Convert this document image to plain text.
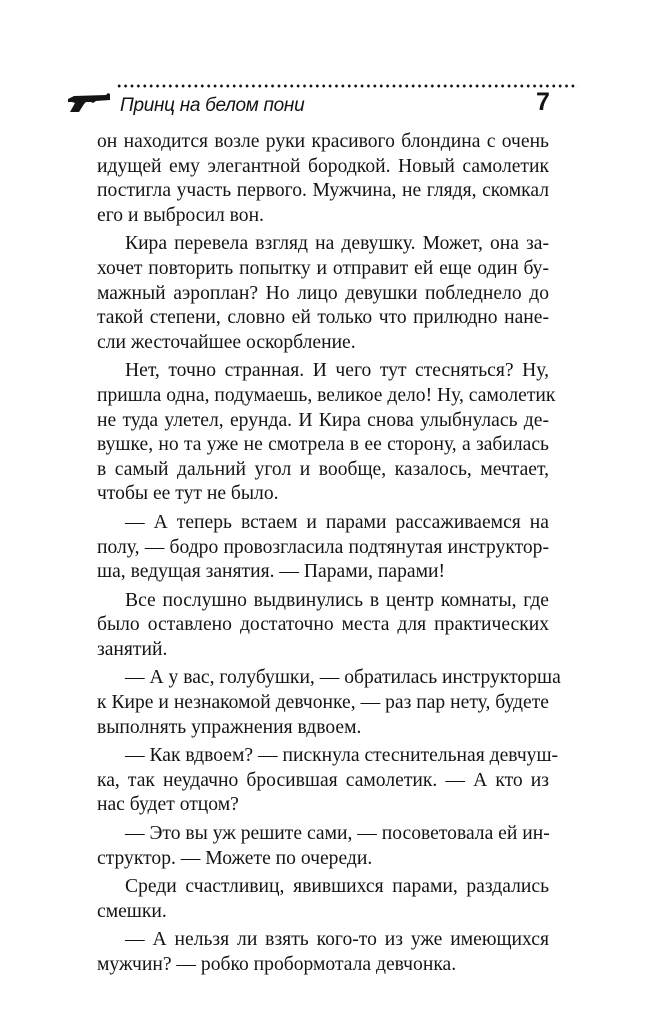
Принц на белом пони	7
он находится возле руки красивого блондина с очень
идущей ему элегантной бородкой. Новый самолетик
постигла участь первого. Мужчина, не глядя, скомкал
его и выбросил вон.
Кира перевела взгляд на девушку. Может, она за-
хочет повторить попытку и отправит ей еще один бу-
мажный аэроплан? Но лицо девушки побледнело до
такой степени, словно ей только что прилюдно нане-
сли жесточайшее оскорбление.
Нет, точно странная. И чего тут стесняться? Ну,
пришла одна, подумаешь, великое дело! Ну, самолетик
не туда улетел, ерунда. И Кира снова улыбнулась де-
вушке, но та уже не смотрела в ее сторону, а забилась
в самый дальний угол и вообще, казалось, мечтает,
чтобы ее тут не было.
— А теперь встаем и парами рассаживаемся на
полу, — бодро провозгласила подтянутая инструктор-
ша, ведущая занятия. — Парами, парами!
Все послушно выдвинулись в центр комнаты, где
было оставлено достаточно места для практических
занятий.
— А у вас, голубушки, — обратилась инструкторша
к Кире и незнакомой девчонке, — раз пар нету, будете
выполнять упражнения вдвоем.
— Как вдвоем? — пискнула стеснительная девчуш-
ка, так неудачно бросившая самолетик. — А кто из
нас будет отцом?
— Это вы уж решите сами, — посоветовала ей ин-
структор. — Можете по очереди.
Среди счастливиц, явившихся парами, раздались
смешки.
— А нельзя ли взять кого-то из уже имеющихся
мужчин? — робко пробормотала девчонка.
